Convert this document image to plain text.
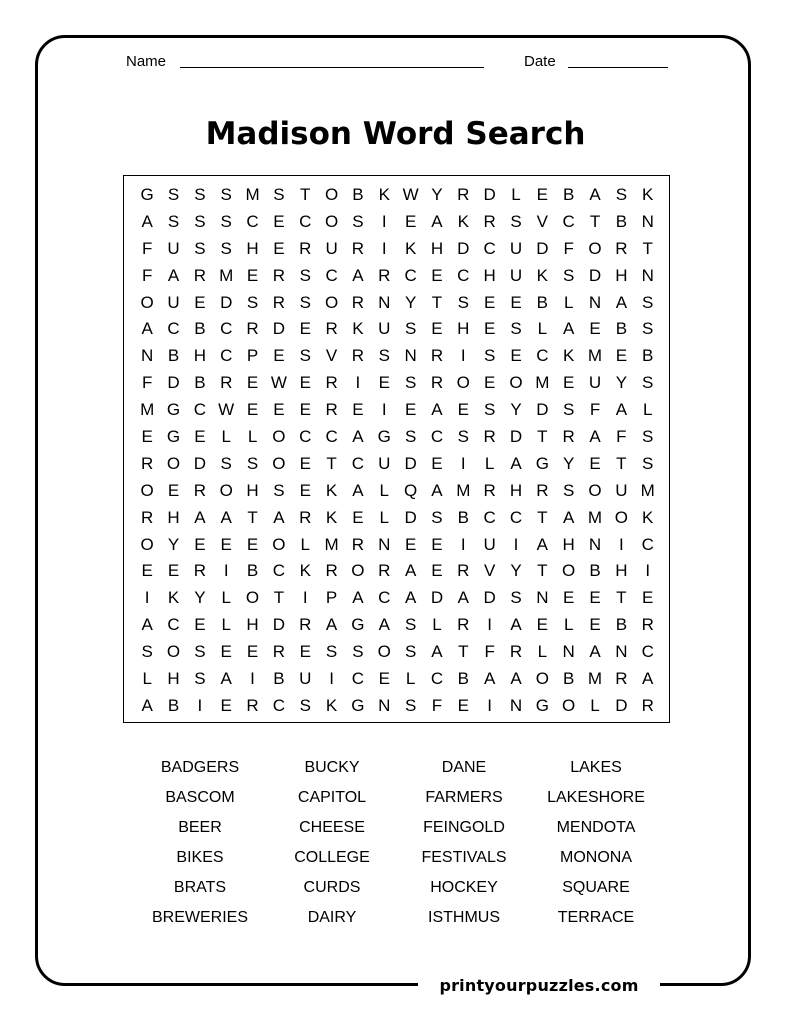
printyourpuzzles.com
Name	Date
Madison Word Search
G S S S M S T O B K W Y R D L E B A S K
A S S S C E C O S	I	E A K R S V C T B N
F U S S H E R U R	I	K H D C U D F O R T
F A R M E R S C A R C E C H U K S D H N
O U E D S R S O R N Y T S E E B L N A S
A C B C R D E R K U S E H E S L A E B S
N B H C P E S V R S N R	I	S E C K M E B
F D B R E W E R	I	E S R O E O M E U Y S
M G C W E E E R E	I	E A E S Y D S F A L
E G E L L O C C A G S C S R D T R A F S
R O D S S O E T C U D E	I	L A G Y E T S
O E R O H S E K A L Q A M R H R S O U M
R H A A T A R K E L D S B C C T A M O K
O Y E E E O L M R N E E	I	U	I	A H N	I	C
E E R	I	B C K R O R A E R V Y T O B H	I
I	K Y L O T	I	P A C A D A D S N E E T E
A C E L H D R A G A S L R	I	A E L E B R
S O S E E R E S S O S A T F R L N A N C
L H S A	I	B U	I	C E L C B A A O B M R A
A B	I	E R C S K G N S F E	I	N G O L D R
BADGERS	BUCKY	DANE	LAKES
BASCOM	CAPITOL	FARMERS	LAKESHORE
BEER	CHEESE	FEINGOLD	MENDOTA
BIKES	COLLEGE	FESTIVALS	MONONA
BRATS	CURDS	HOCKEY	SQUARE
BREWERIES	DAIRY	ISTHMUS	TERRACE
